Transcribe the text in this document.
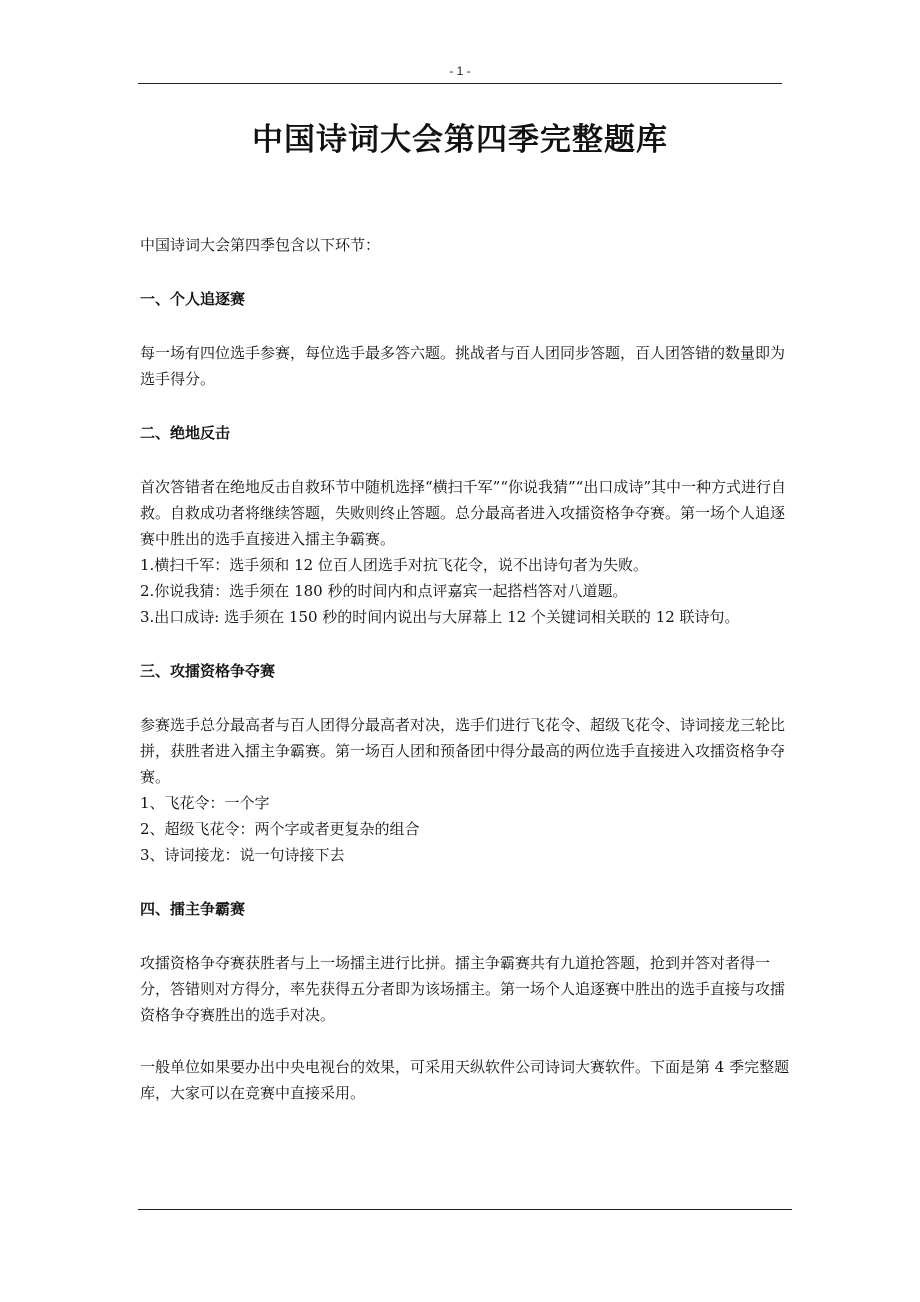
- 1 -
中国诗词大会第四季完整题库

中国诗词大会第四季包含以下环节：

一、个人追逐赛

每一场有四位选手参赛，每位选手最多答六题。挑战者与百人团同步答题，百人团答错的数量即为选手得分。

二、绝地反击

首次答错者在绝地反击自救环节中随机选择“横扫千军”“你说我猜”“出口成诗”其中一种方式进行自救。自救成功者将继续答题，失败则终止答题。总分最高者进入攻擂资格争夺赛。第一场个人追逐赛中胜出的选手直接进入擂主争霸赛。

1.横扫千军：选手须和 12 位百人团选手对抗飞花令，说不出诗句者为失败。

2.你说我猜：选手须在 180 秒的时间内和点评嘉宾一起搭档答对八道题。

3.出口成诗: 选手须在 150 秒的时间内说出与大屏幕上 12 个关键词相关联的 12 联诗句。

三、攻擂资格争夺赛

参赛选手总分最高者与百人团得分最高者对决，选手们进行飞花令、超级飞花令、诗词接龙三轮比拼，获胜者进入擂主争霸赛。第一场百人团和预备团中得分最高的两位选手直接进入攻擂资格争夺赛。

1、飞花令：一个字

2、超级飞花令：两个字或者更复杂的组合

3、诗词接龙：说一句诗接下去

四、擂主争霸赛

攻擂资格争夺赛获胜者与上一场擂主进行比拼。擂主争霸赛共有九道抢答题，抢到并答对者得一分，答错则对方得分，率先获得五分者即为该场擂主。第一场个人追逐赛中胜出的选手直接与攻擂资格争夺赛胜出的选手对决。

一般单位如果要办出中央电视台的效果，可采用天纵软件公司诗词大赛软件。下面是第 4 季完整题库，大家可以在竞赛中直接采用。
